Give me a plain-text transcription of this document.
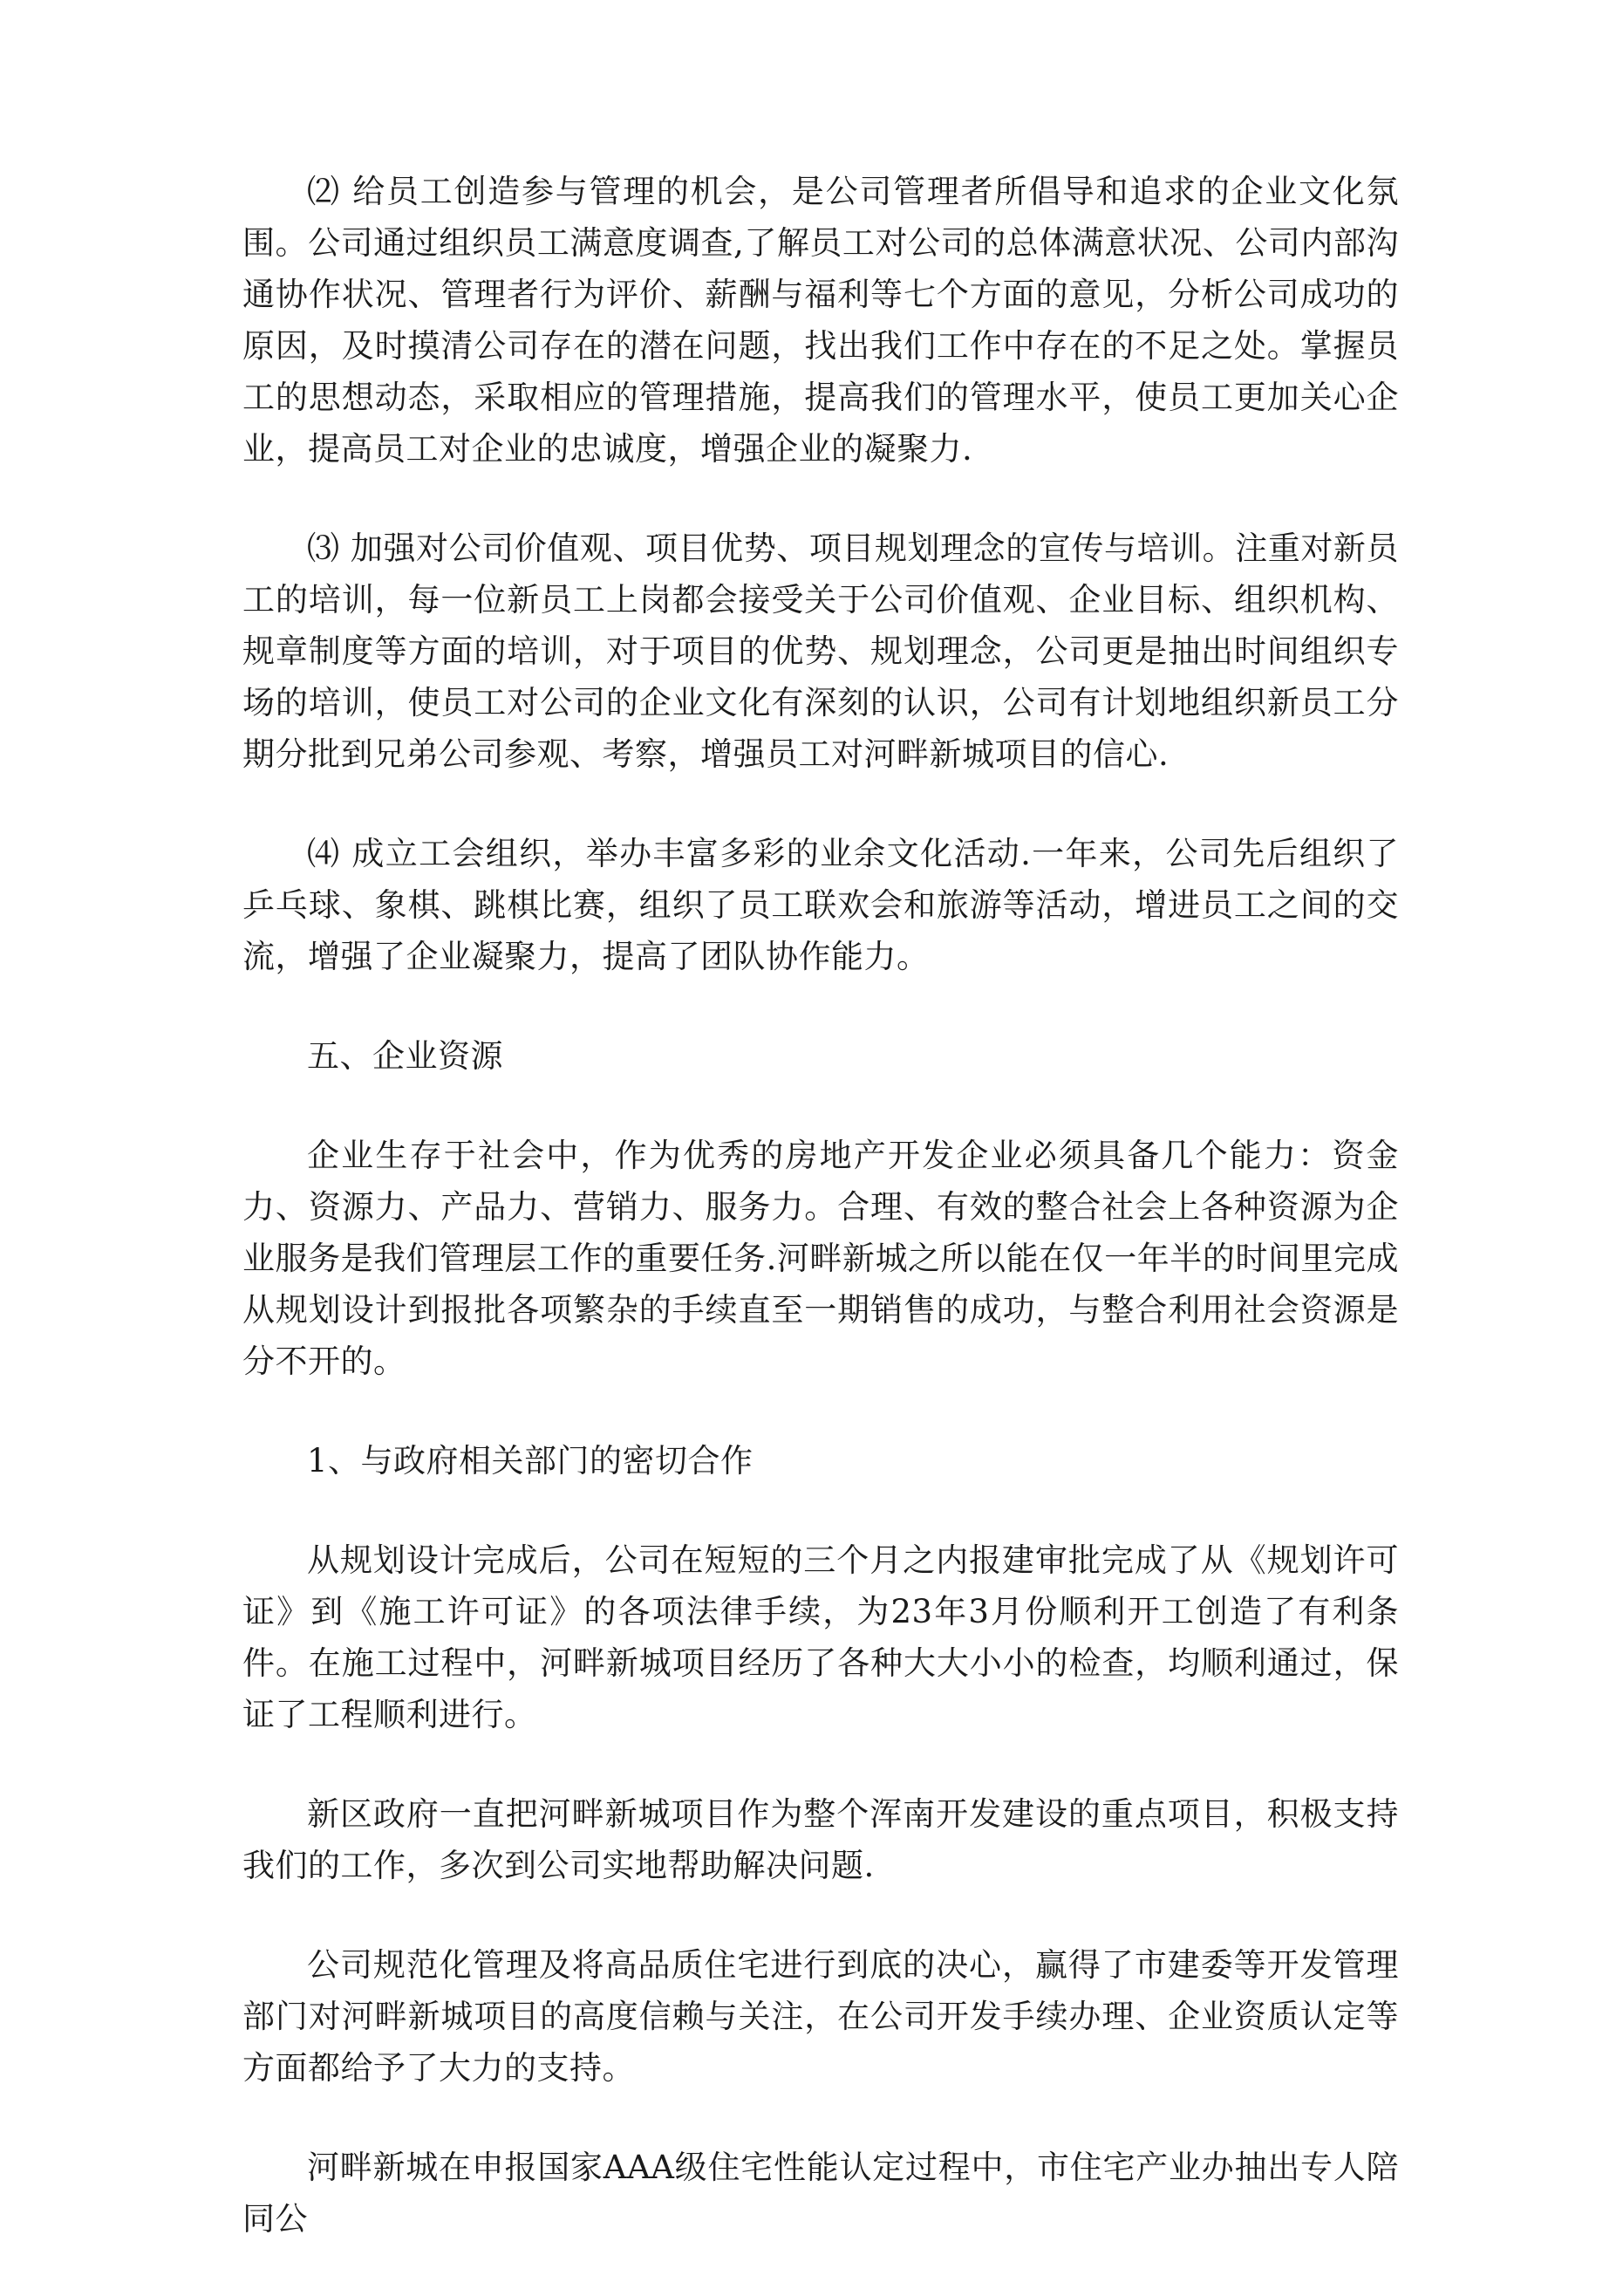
⑵ 给员工创造参与管理的机会，是公司管理者所倡导和追求的企业文化氛围。公司通过组织员工满意度调查,了解员工对公司的总体满意状况、公司内部沟通协作状况、管理者行为评价、薪酬与福利等七个方面的意见，分析公司成功的原因，及时摸清公司存在的潜在问题，找出我们工作中存在的不足之处。掌握员工的思想动态，采取相应的管理措施，提高我们的管理水平，使员工更加关心企业，提高员工对企业的忠诚度，增强企业的凝聚力.

⑶ 加强对公司价值观、项目优势、项目规划理念的宣传与培训。注重对新员工的培训，每一位新员工上岗都会接受关于公司价值观、企业目标、组织机构、规章制度等方面的培训，对于项目的优势、规划理念，公司更是抽出时间组织专场的培训，使员工对公司的企业文化有深刻的认识，公司有计划地组织新员工分期分批到兄弟公司参观、考察，增强员工对河畔新城项目的信心.

⑷ 成立工会组织，举办丰富多彩的业余文化活动.一年来，公司先后组织了乒乓球、象棋、跳棋比赛，组织了员工联欢会和旅游等活动，增进员工之间的交流，增强了企业凝聚力，提高了团队协作能力。

五、企业资源

企业生存于社会中，作为优秀的房地产开发企业必须具备几个能力：资金力、资源力、产品力、营销力、服务力。合理、有效的整合社会上各种资源为企业服务是我们管理层工作的重要任务.河畔新城之所以能在仅一年半的时间里完成从规划设计到报批各项繁杂的手续直至一期销售的成功，与整合利用社会资源是分不开的。

1、与政府相关部门的密切合作

从规划设计完成后，公司在短短的三个月之内报建审批完成了从《规划许可证》到《施工许可证》的各项法律手续，为23年3月份顺利开工创造了有利条件。在施工过程中，河畔新城项目经历了各种大大小小的检查，均顺利通过，保证了工程顺利进行。

新区政府一直把河畔新城项目作为整个浑南开发建设的重点项目，积极支持我们的工作，多次到公司实地帮助解决问题.

公司规范化管理及将高品质住宅进行到底的决心，赢得了市建委等开发管理部门对河畔新城项目的高度信赖与关注，在公司开发手续办理、企业资质认定等方面都给予了大力的支持。

河畔新城在申报国家AAA级住宅性能认定过程中，市住宅产业办抽出专人陪同公
